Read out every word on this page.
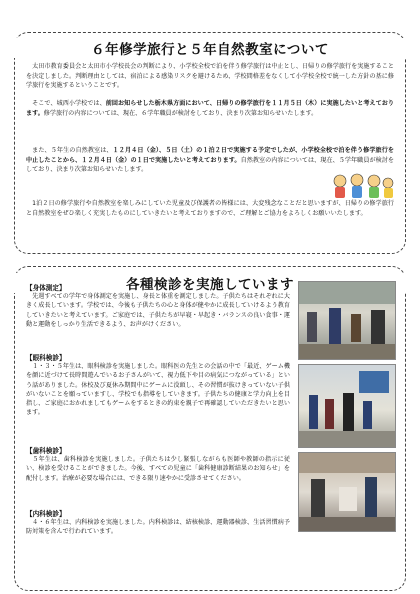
６年修学旅行と５年自然教室について
　太田市教育委員会と太田市小学校長会の判断により、小学校全校で泊を伴う修学旅行は中止とし、日帰りの修学旅行を実施することを決定しました。判断理由としては、宿泊による感染リスクを避けるため、学校間格差をなくして小学校全校で統一した方針の基に修学旅行を実施するということです。
　そこで、城西小学校では、前回お知らせした栃木県方面において、日帰りの修学旅行を１１月５日（木）に実施したいと考えております。修学旅行の内容については、現在、６学年職員が検討をしており、決まり次第お知らせいたします。
　また、５年生の自然教室は、１２月４日（金）、５日（土）の１泊２日で実施する予定でしたが、小学校全校で泊を伴う修学旅行を中止したことから、１２月４日（金）の１日で実施したいと考えております。自然教室の内容については、現在、５学年職員が検討をしており、決まり次第お知らせいたします。
　1泊２日の修学旅行や自然教室を楽しみにしていた児童及び保護者の皆様には、大変残念なことだと思いますが、日帰りの修学旅行と自然教室をぜひ楽しく充実したものにしていきたいと考えておりますので、ご理解とご協力をよろしくお願いいたします。
各種検診を実施しています
【身体測定】
　先週すべての学年で身体測定を実施し、身長と体重を測定しました。子供たちはそれぞれに大きく成長しています。学校では、今後も子供たちの心と身体が健やかに成長していけるよう教育していきたいと考えています。ご家庭では、子供たちが早寝・早起き・バランスの良い食事・運動と運動をしっかり生活できるよう、お声がけください。
【眼科検診】
　１・３・５年生は、眼科検診を実施しました。眼科医の先生との会話の中で「最近、ゲーム機を顔に近づけて長時間遊んでいるお子さんがいて、視力低下や目の病気につながっている」という話がありました。休校及び夏休み期間中にゲームに没頭し、その習慣が抜けきっていない子供がいないことを願っていますし、学校でも指導をしていきます。子供たちの健康と学力向上を目指し、ご家庭におかれましてもゲームをするときの約束を親子で再確認していただきたいと思います。
【歯科検診】
　５年生は、歯科検診を実施しました。子供たちは少し緊張しながらも医師や教師の指示に従い、検診を受けることができました。今後、すべての児童に「歯科健康診断結果のお知らせ」を配付します。治療が必要な場合には、できる限り速やかに受診させてください。
【内科検診】
　４・６年生は、内科検診を実施しました。内科検診は、結核検診、運動器検診、生活習慣病予防対策を含んで行われています。
